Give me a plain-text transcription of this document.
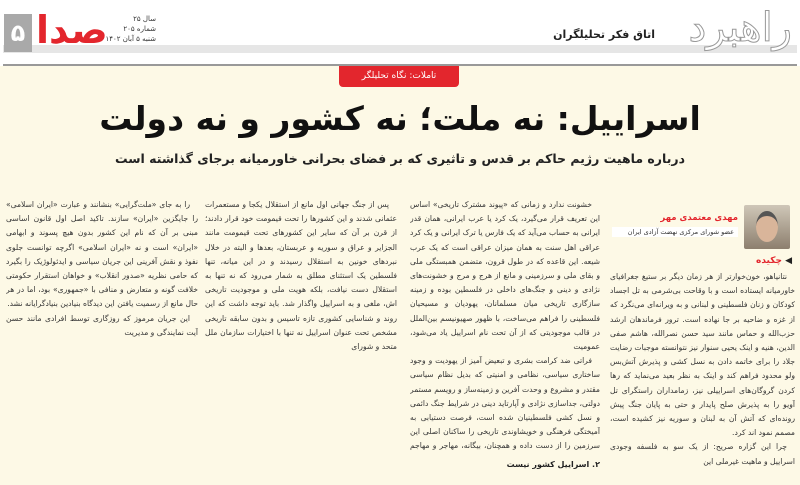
۵ صدا	سال ۲۵
شماره ۲۰۵
شنبه ۵ آبان ۱۴۰۲	راهبرد
اتاق فکر تحلیلگران
تاملات: نگاه تحلیلگر
اسراییل: نه ملت؛ نه کشور و نه دولت
درباره ماهیت رژیم حاکم بر قدس و تاثیری که بر فضای بحرانی خاورمیانه برجای گذاشته است
مهدی معتمدی مهر
عضو شورای مرکزی نهضت آزادی ایران
◀ چکیده

نتانیاهو، خون‌خوارتر از هر زمان دیگر بر ستیغ جغرافیای خاورمیانه ایستاده است و با وقاحت بی‌شرمی به تل اجساد کودکان و زنان فلسطینی و لبنانی و به ویرانه‌ای می‌نگرد که از غزه و ضاحیه بر جا نهاده است. ترور فرماندهان ارشد حزب‌الله و حماس مانند سید حسن نصرالله، هاشم صفی الدین، هنیه و اینک یحیی سنوار نیز نتوانسته موجبات رضایت جلاد را برای خاتمه دادن به نسل کشی و پذیرش آتش‌بس ولو محدود فراهم کند و اینک به نظر بعید می‌نماید که رها کردن گروگان‌های اسراییلی نیز، زمامداران راستگرای تل آویو را به پذیرش صلح پایدار و حتی به پایان جنگ پیش رونده‌ای که آتش آن به لبنان و سوریه نیز کشیده است، مصمم نمود اند کرد.

چرا این گزاره صریح: از یک سو به فلسفه وجودی اسراییل و ماهیت غیرملی این

خشونت ندارد و زمانی که «پیوند مشترک تاریخی» اساس این تعریف قرار می‌گیرد، یک کرد یا عرب ایرانی، همان قدر ایرانی به حساب می‌آید که یک فارس یا ترک ایرانی و یک کرد عراقی اهل سنت به همان میزان عراقی است که یک عرب شیعه. این قاعده که در طول قرون، متضمن همبستگی ملی و بقای ملی و سرزمینی و مانع از هرج و مرج و خشونت‌های نژادی و دینی و جنگ‌های داخلی در فلسطین بوده و زمینه سازگاری تاریخی میان مسلمانان، یهودیان و مسیحیان فلسطینی را فراهم می‌ساخت، با ظهور صهیونیسم بین‌الملل در قالب موجودیتی که از آن تحت نام اسراییل یاد می‌شود، عمومیت

فراتی ضد کرامت بشری و تبعیض آمیز از یهودیت و وجود ساختاری سیاسی، نظامی و امنیتی که بدیل نظام سیاسی مقتدر و مشروع و وحدت آفرین و زمینه‌ساز و رویسم مستمر دولتی، جداسازی نژادی و آپارتاید دینی در شرایط جنگ دائمی و نسل کشی فلسطینیان شده است، فرصت دستیابی به آمیختگی فرهنگی و خویشاوندی تاریخی را ساکنان اصلی این سرزمین را از دست داده و همچنان، بیگانه، مهاجر و مهاجم

۲. اسراییل کشور نیست

پس از جنگ جهانی اول مانع از استقلال یکجا و مستعمرات عثمانی شدند و این کشورها را تحت قیمومت خود قرار دادند؛ از قرن بر آن که سایر این کشورهای تحت قیمومت مانند الجزایر و عراق و سوریه و عربستان، بعدها و البته در خلال نبردهای خونین به استقلال رسیدند و در این میانه، تنها فلسطین یک استثنای مطلق به شمار می‌رود که نه تنها به استقلال دست نیافت، بلکه هویت ملی و موجودیت تاریخی اش، ملغی و به اسراییل واگذار شد. باید توجه داشت که این روند و شناسایی کشوری تازه تاسیس و بدون سابقه تاریخی مشخص تحت عنوان اسراییل نه تنها با اختیارات سازمان ملل متحد و شورای

را به جای «ملت‌گرایی» بنشانند و عبارت «ایران اسلامی» را جایگزین «ایران» سازند. تاکید اصل اول قانون اساسی مبنی بر آن که نام این کشور بدون هیچ پسوند و ابهامی «ایران» است و نه «ایران اسلامی» اگرچه توانست جلوی نفوذ و نقش آفرینی این جریان سیاسی و ایدئولوژیک را بگیرد که حامی نظریه «صدور انقلاب» و خواهان استقرار حکومتی خلافت گونه و متعارض و منافی با «جمهوری» بود، اما در هر حال مانع از رسمیت یافتن این دیدگاه بنیادین بنیادگرایانه نشد.

این جریان مرموز که روزگاری توسط افرادی مانند حسن آیت نمایندگی و مدیریت
